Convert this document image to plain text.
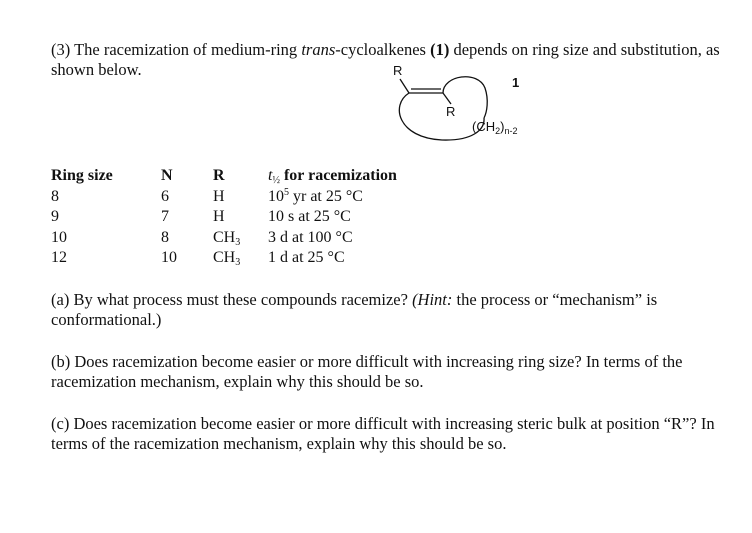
(3) The racemization of medium-ring trans-cycloalkenes (1) depends on ring size and substitution, as shown below.	R
R
1
(CH2)n-2
Ring size
8
9
10
12
N
6
7
8
10
R
H
H
$CH_3$
$CH_3$
$t_{\frac{1}{2}}$ for racemization
$10^5$ yr at 25 °C
10 s at 25 °C
3 d at 100 °C
1 d at 25 °C

(a) By what process must these compounds racemize? (Hint: the process or “mechanism” is conformational.)

(b) Does racemization become easier or more difficult with increasing ring size? In terms of the racemization mechanism, explain why this should be so.

(c) Does racemization become easier or more difficult with increasing steric bulk at position “R”? In terms of the racemization mechanism, explain why this should be so.
